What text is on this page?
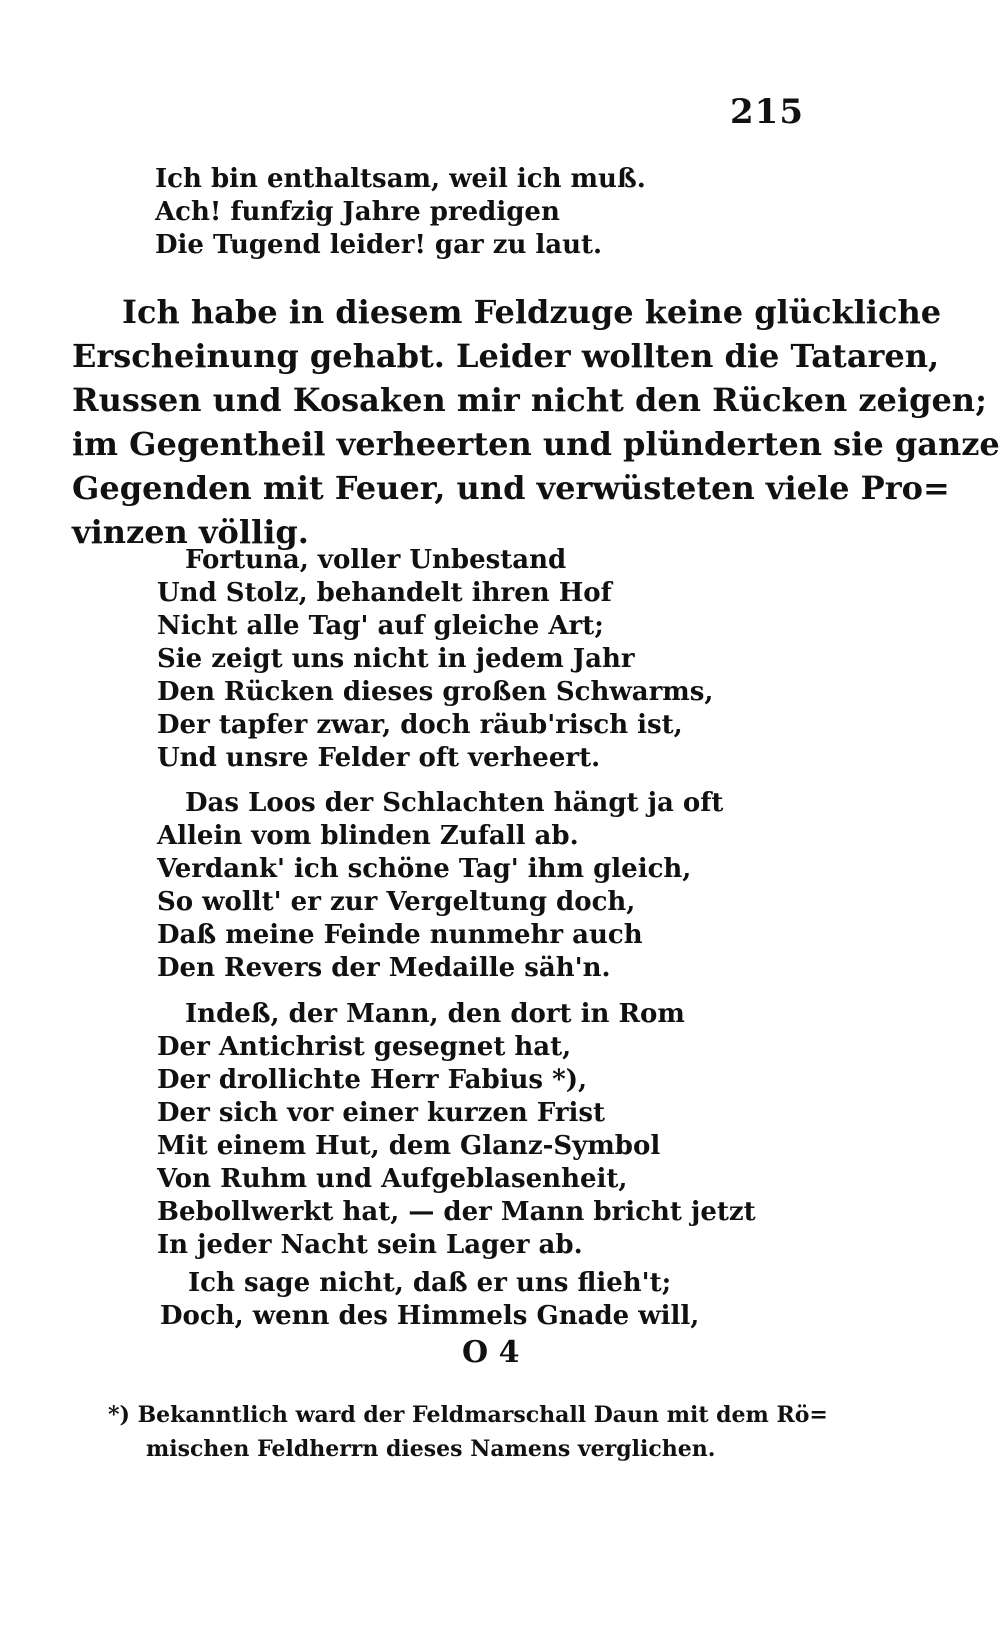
215
Ich bin enthaltsam, weil ich muß.
Ach! funfzig Jahre predigen
Die Tugend leider! gar zu laut.

Ich habe in diesem Feldzuge keine glückliche
Erscheinung gehabt. Leider wollten die Tataren,
Russen und Kosaken mir nicht den Rücken zeigen;
im Gegentheil verheerten und plünderten sie ganze
Gegenden mit Feuer, und verwüsteten viele Pro=
vinzen völlig.

Fortuna, voller Unbestand
Und Stolz, behandelt ihren Hof
Nicht alle Tag' auf gleiche Art;
Sie zeigt uns nicht in jedem Jahr
Den Rücken dieses großen Schwarms,
Der tapfer zwar, doch räub'risch ist,
Und unsre Felder oft verheert.
Das Loos der Schlachten hängt ja oft
Allein vom blinden Zufall ab.
Verdank' ich schöne Tag' ihm gleich,
So wollt' er zur Vergeltung doch,
Daß meine Feinde nunmehr auch
Den Revers der Medaille säh'n.
Indeß, der Mann, den dort in Rom
Der Antichrist gesegnet hat,
Der drollichte Herr Fabius *),
Der sich vor einer kurzen Frist
Mit einem Hut, dem Glanz-Symbol
Von Ruhm und Aufgeblasenheit,
Bebollwerkt hat, — der Mann bricht jetzt
In jeder Nacht sein Lager ab.
Ich sage nicht, daß er uns flieh't;
Doch, wenn des Himmels Gnade will,
O 4
*) Bekanntlich ward der Feldmarschall Daun mit dem Rö=
mischen Feldherrn dieses Namens verglichen.
